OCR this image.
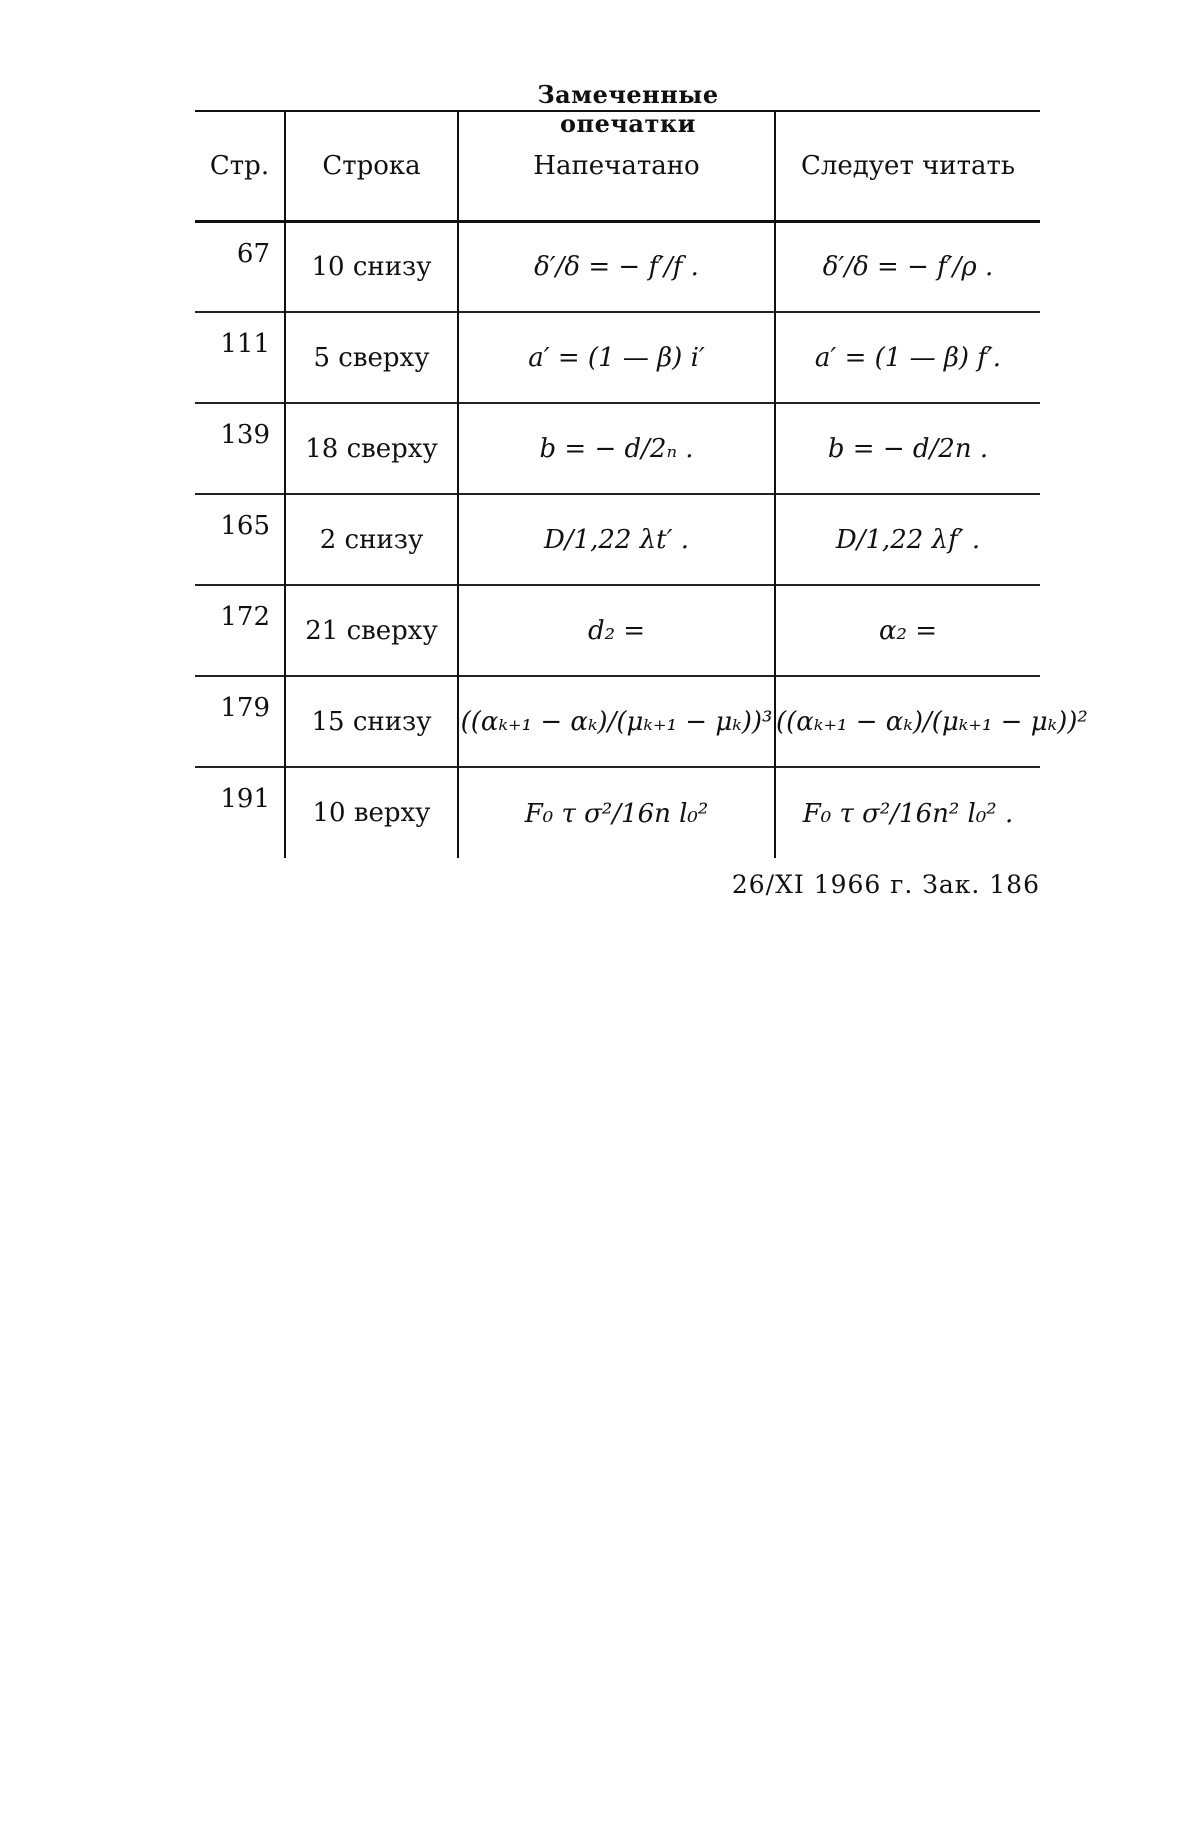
Замеченные опечатки
Стр.	Строка	Напечатано	Следует читать
67	10 снизу	δ′/δ = − f′/f .	δ′/δ = − f′/ρ .
111	5 сверху	a′ = (1 — β) i′	a′ = (1 — β) f′.
139	18 сверху	b = − d/2ₙ .	b = − d/2n .
165	2 снизу	D/1,22 λt′ .	D/1,22 λf′ .
172	21 сверху	d₂ =	α₂ =
179	15 снизу	((αₖ₊₁ − αₖ)/(μₖ₊₁ − μₖ))³	((αₖ₊₁ − αₖ)/(μₖ₊₁ − μₖ))²
191	10 верху	F₀ τ σ²/16n l₀²	F₀ τ σ²/16n² l₀² .
26/XI 1966 г. Зак. 186
